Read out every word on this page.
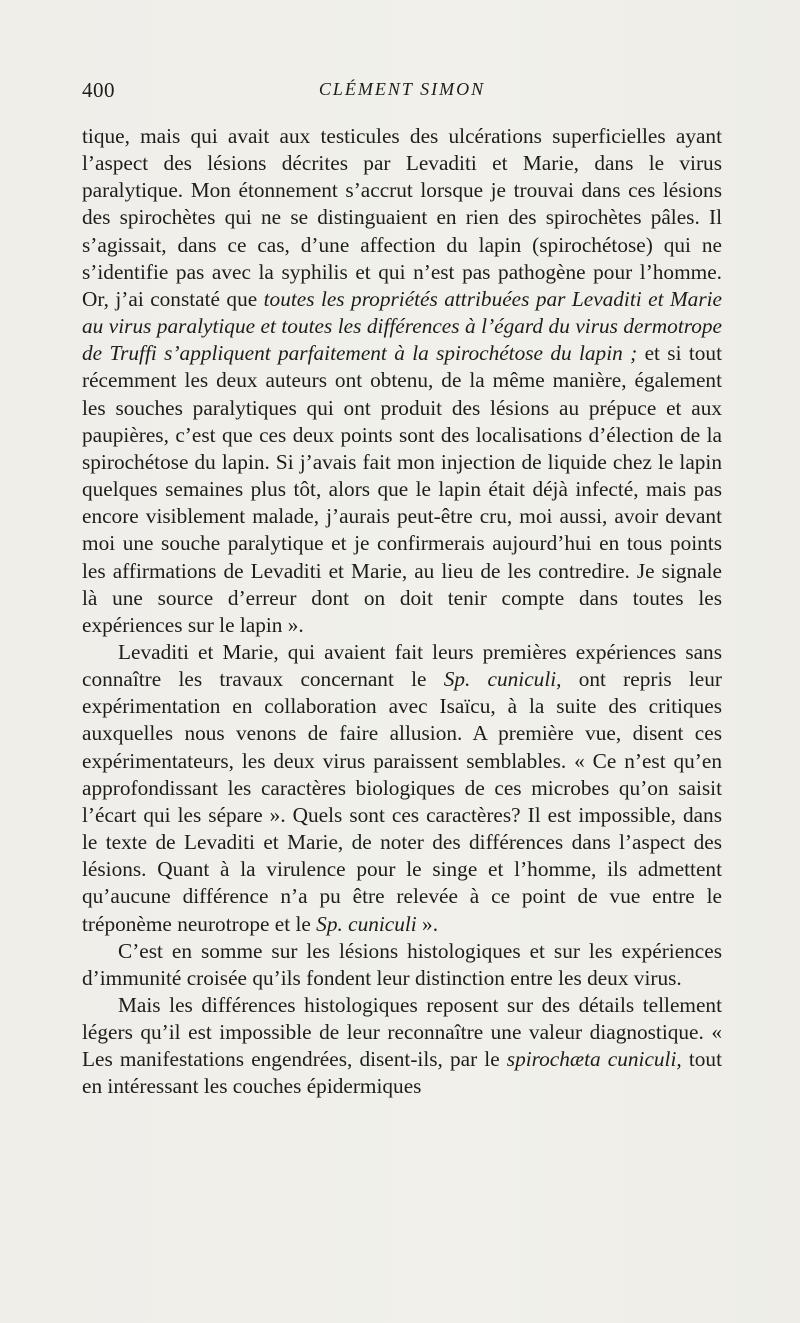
400	CLÉMENT SIMON

tique, mais qui avait aux testicules des ulcérations superficielles ayant l’aspect des lésions décrites par Levaditi et Marie, dans le virus paralytique. Mon étonnement s’accrut lorsque je trouvai dans ces lésions des spirochètes qui ne se distinguaient en rien des spirochètes pâles. Il s’agissait, dans ce cas, d’une affection du lapin (spirochétose) qui ne s’identifie pas avec la syphilis et qui n’est pas pathogène pour l’homme. Or, j’ai constaté que toutes les propriétés attribuées par Levaditi et Marie au virus paralytique et toutes les différences à l’égard du virus dermotrope de Truffi s’appliquent parfaitement à la spirochétose du lapin ; et si tout récemment les deux auteurs ont obtenu, de la même manière, également les souches paralytiques qui ont produit des lésions au prépuce et aux paupières, c’est que ces deux points sont des localisations d’élection de la spirochétose du lapin. Si j’avais fait mon injection de liquide chez le lapin quelques semaines plus tôt, alors que le lapin était déjà infecté, mais pas encore visiblement malade, j’aurais peut-être cru, moi aussi, avoir devant moi une souche paralytique et je confirmerais aujourd’hui en tous points les affirmations de Levaditi et Marie, au lieu de les contredire. Je signale là une source d’erreur dont on doit tenir compte dans toutes les expériences sur le lapin ».

Levaditi et Marie, qui avaient fait leurs premières expériences sans connaître les travaux concernant le Sp. cuniculi, ont repris leur expérimentation en collaboration avec Isaïcu, à la suite des critiques auxquelles nous venons de faire allusion. A première vue, disent ces expérimentateurs, les deux virus paraissent semblables. « Ce n’est qu’en approfondissant les caractères biologiques de ces microbes qu’on saisit l’écart qui les sépare ». Quels sont ces caractères? Il est impossible, dans le texte de Levaditi et Marie, de noter des différences dans l’aspect des lésions. Quant à la virulence pour le singe et l’homme, ils admettent qu’aucune différence n’a pu être relevée à ce point de vue entre le tréponème neurotrope et le Sp. cuniculi ».

C’est en somme sur les lésions histologiques et sur les expériences d’immunité croisée qu’ils fondent leur distinction entre les deux virus.

Mais les différences histologiques reposent sur des détails tellement légers qu’il est impossible de leur reconnaître une valeur diagnostique. « Les manifestations engendrées, disent-ils, par le spirochæta cuniculi, tout en intéressant les couches épidermiques
